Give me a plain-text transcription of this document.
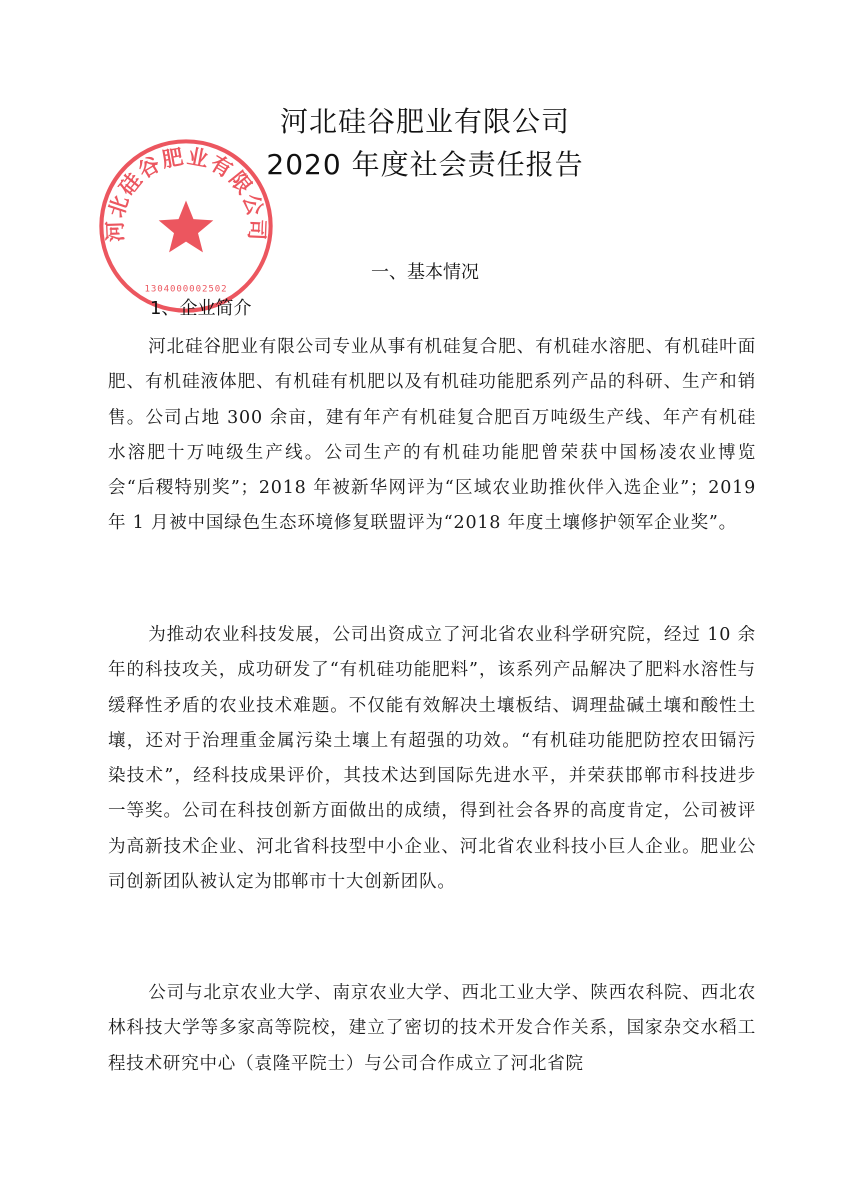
河北硅谷肥业有限公司
1304000002502
河北硅谷肥业有限公司
2020 年度社会责任报告
一、基本情况
1、企业简介

河北硅谷肥业有限公司专业从事有机硅复合肥、有机硅水溶肥、有机硅叶面肥、有机硅液体肥、有机硅有机肥以及有机硅功能肥系列产品的科研、生产和销售。公司占地 300 余亩，建有年产有机硅复合肥百万吨级生产线、年产有机硅水溶肥十万吨级生产线。公司生产的有机硅功能肥曾荣获中国杨凌农业博览会“后稷特别奖”；2018 年被新华网评为“区域农业助推伙伴入选企业”；2019 年 1 月被中国绿色生态环境修复联盟评为“2018 年度土壤修护领军企业奖”。

为推动农业科技发展，公司出资成立了河北省农业科学研究院，经过 10 余年的科技攻关，成功研发了“有机硅功能肥料”，该系列产品解决了肥料水溶性与缓释性矛盾的农业技术难题。不仅能有效解决土壤板结、调理盐碱土壤和酸性土壤，还对于治理重金属污染土壤上有超强的功效。“有机硅功能肥防控农田镉污染技术”，经科技成果评价，其技术达到国际先进水平，并荣获邯郸市科技进步一等奖。公司在科技创新方面做出的成绩，得到社会各界的高度肯定，公司被评为高新技术企业、河北省科技型中小企业、河北省农业科技小巨人企业。肥业公司创新团队被认定为邯郸市十大创新团队。

公司与北京农业大学、南京农业大学、西北工业大学、陕西农科院、西北农林科技大学等多家高等院校，建立了密切的技术开发合作关系，国家杂交水稻工程技术研究中心（袁隆平院士）与公司合作成立了河北省院
